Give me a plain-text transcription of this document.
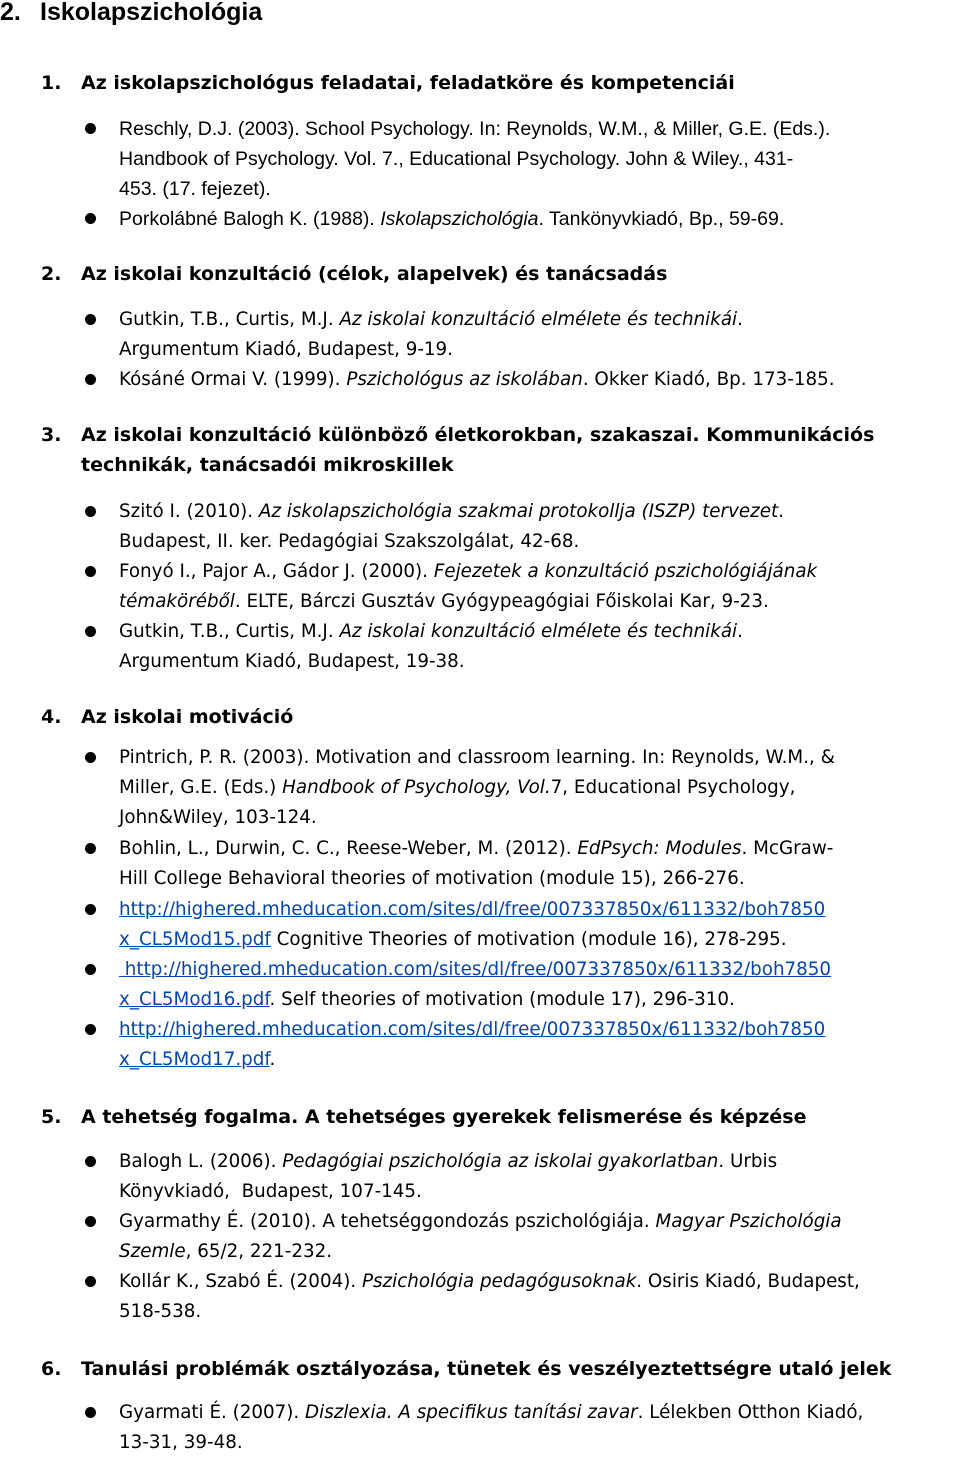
2. Iskolapszichológia
1. Az iskolapszichológus feladatai, feladatköre és kompetenciái
Reschly, D.J. (2003). School Psychology. In: Reynolds, W.M., & Miller, G.E. (Eds.).
Handbook of Psychology. Vol. 7., Educational Psychology. John & Wiley., 431-
453. (17. fejezet).
Porkolábné Balogh K. (1988). Iskolapszichológia. Tankönyvkiadó, Bp., 59-69.
2. Az iskolai konzultáció (célok, alapelvek) és tanácsadás
Gutkin, T.B., Curtis, M.J. Az iskolai konzultáció elmélete és technikái.
Argumentum Kiadó, Budapest, 9-19.
Kósáné Ormai V. (1999). Pszichológus az iskolában. Okker Kiadó, Bp. 173-185.
3. Az iskolai konzultáció különböző életkorokban, szakaszai. Kommunikációs
technikák, tanácsadói mikroskillek
Szitó I. (2010). Az iskolapszichológia szakmai protokollja (ISZP) tervezet.
Budapest, II. ker. Pedagógiai Szakszolgálat, 42-68.
Fonyó I., Pajor A., Gádor J. (2000). Fejezetek a konzultáció pszichológiájának
témaköréből. ELTE, Bárczi Gusztáv Gyógypeagógiai Főiskolai Kar, 9-23.
Gutkin, T.B., Curtis, M.J. Az iskolai konzultáció elmélete és technikái.
Argumentum Kiadó, Budapest, 19-38.
4. Az iskolai motiváció
Pintrich, P. R. (2003). Motivation and classroom learning. In: Reynolds, W.M., &
Miller, G.E. (Eds.) Handbook of Psychology, Vol.7, Educational Psychology,
John&Wiley, 103-124.
Bohlin, L., Durwin, C. C., Reese-Weber, M. (2012). EdPsych: Modules. McGraw-
Hill College Behavioral theories of motivation (module 15), 266-276.
http://highered.mheducation.com/sites/dl/free/007337850x/611332/boh7850
x_CL5Mod15.pdf Cognitive Theories of motivation (module 16), 278-295.
http://highered.mheducation.com/sites/dl/free/007337850x/611332/boh7850
x_CL5Mod16.pdf. Self theories of motivation (module 17), 296-310.
http://highered.mheducation.com/sites/dl/free/007337850x/611332/boh7850
x_CL5Mod17.pdf.
5. A tehetség fogalma. A tehetséges gyerekek felismerése és képzése
Balogh L. (2006). Pedagógiai pszichológia az iskolai gyakorlatban. Urbis
Könyvkiadó,  Budapest, 107-145.
Gyarmathy É. (2010). A tehetséggondozás pszichológiája. Magyar Pszichológia
Szemle, 65/2, 221-232.
Kollár K., Szabó É. (2004). Pszichológia pedagógusoknak. Osiris Kiadó, Budapest,
518-538.
6. Tanulási problémák osztályozása, tünetek és veszélyeztettségre utaló jelek
Gyarmati É. (2007). Diszlexia. A specifikus tanítási zavar. Lélekben Otthon Kiadó,
13-31, 39-48.
